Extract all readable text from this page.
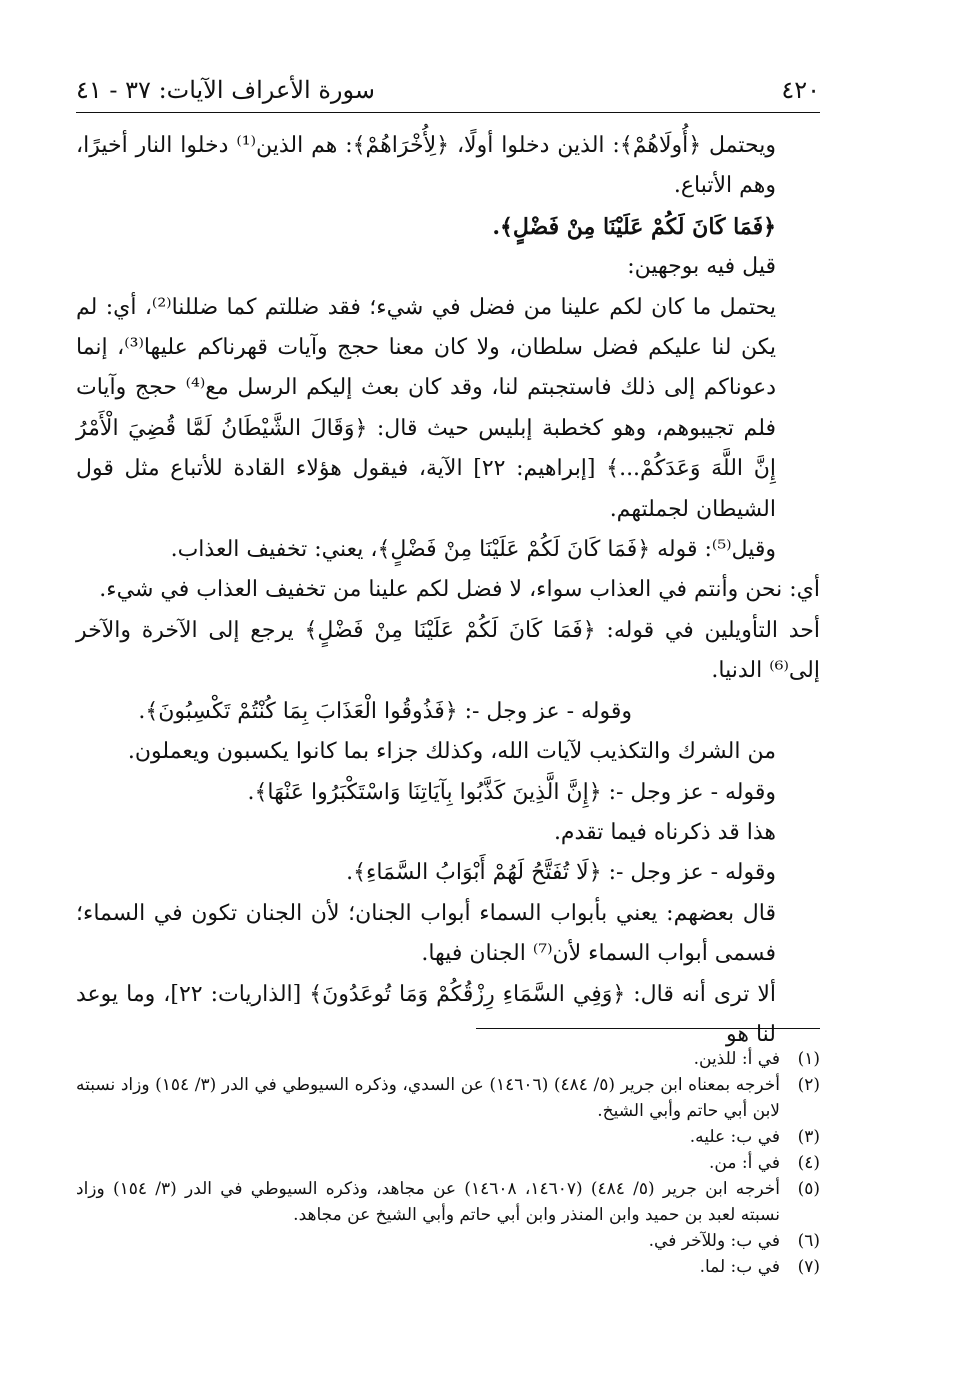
٤٢٠
سورة الأعراف الآيات: ٣٧ - ٤١

ويحتمل ﴿أُولَاهُمْ﴾: الذين دخلوا أولًا، ﴿لِأُخْرَاهُمْ﴾: هم الذين⁽¹⁾ دخلوا النار أخيرًا، وهم الأتباع.

﴿فَمَا كَانَ لَكُمْ عَلَيْنَا مِنْ فَضْلٍ﴾.

قيل فيه بوجهين:

يحتمل ما كان لكم علينا من فضل في شيء؛ فقد ضللتم كما ضللنا⁽²⁾، أي: لم يكن لنا عليكم فضل سلطان، ولا كان معنا حجج وآيات قهرناكم عليها⁽³⁾، إنما دعوناكم إلى ذلك فاستجبتم لنا، وقد كان بعث إليكم الرسل مع⁽⁴⁾ حجج وآيات فلم تجيبوهم، وهو كخطبة إبليس حيث قال: ﴿وَقَالَ الشَّيْطَانُ لَمَّا قُضِيَ الْأَمْرُ إِنَّ اللَّهَ وَعَدَكُمْ...﴾ [إبراهيم: ٢٢] الآية، فيقول هؤلاء القادة للأتباع مثل قول الشيطان لجملتهم.

وقيل⁽⁵⁾: قوله ﴿فَمَا كَانَ لَكُمْ عَلَيْنَا مِنْ فَضْلٍ﴾، يعني: تخفيف العذاب.

أي: نحن وأنتم في العذاب سواء، لا فضل لكم علينا من تخفيف العذاب في شيء.

أحد التأويلين في قوله: ﴿فَمَا كَانَ لَكُمْ عَلَيْنَا مِنْ فَضْلٍ﴾ يرجع إلى الآخرة والآخر إلى⁽⁶⁾ الدنيا.

وقوله - عز وجل -: ﴿فَذُوقُوا الْعَذَابَ بِمَا كُنْتُمْ تَكْسِبُونَ﴾.

من الشرك والتكذيب لآيات الله، وكذلك جزاء بما كانوا يكسبون ويعملون.

وقوله - عز وجل -: ﴿إِنَّ الَّذِينَ كَذَّبُوا بِآيَاتِنَا وَاسْتَكْبَرُوا عَنْهَا﴾.

هذا قد ذكرناه فيما تقدم.

وقوله - عز وجل -: ﴿لَا تُفَتَّحُ لَهُمْ أَبْوَابُ السَّمَاءِ﴾.

قال بعضهم: يعني بأبواب السماء أبواب الجنان؛ لأن الجنان تكون في السماء؛ فسمى أبواب السماء لأن⁽⁷⁾ الجنان فيها.

ألا ترى أنه قال: ﴿وَفِي السَّمَاءِ رِزْقُكُمْ وَمَا تُوعَدُونَ﴾ [الذاريات: ٢٢]، وما يوعد لنا هو

(١)
في أ: للذين.
(٢)
أخرجه بمعناه ابن جرير (٥/ ٤٨٤) (١٤٦٠٦) عن السدي، وذكره السيوطي في الدر (٣/ ١٥٤) وزاد نسبته لابن أبي حاتم وأبي الشيخ.
(٣)
في ب: عليه.
(٤)
في أ: من.
(٥)
أخرجه ابن جرير (٥/ ٤٨٤) (١٤٦٠٧، ١٤٦٠٨) عن مجاهد، وذكره السيوطي في الدر (٣/ ١٥٤) وزاد نسبته لعبد بن حميد وابن المنذر وابن أبي حاتم وأبي الشيخ عن مجاهد.
(٦)
في ب: وللآخر في.
(٧)
في ب: لما.
